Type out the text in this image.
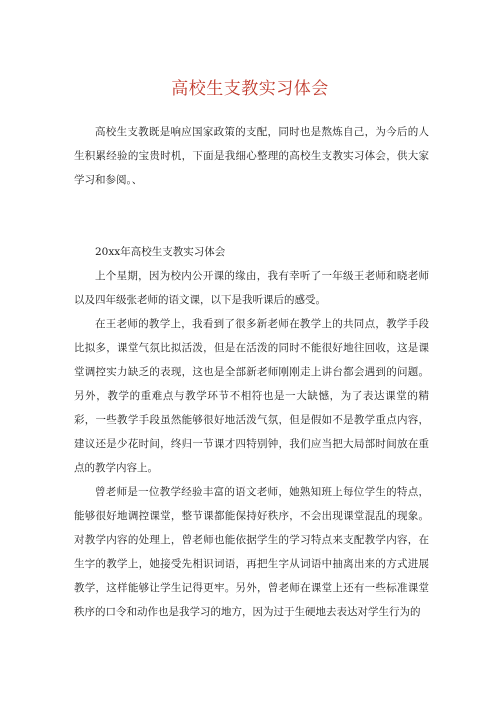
高校生支教实习体会

高校生支教既是响应国家政策的支配，同时也是熬炼自己，为今后的人生积累经验的宝贵时机，下面是我细心整理的高校生支教实习体会，供大家学习和参阅。、

20xx年高校生支教实习体会

上个星期，因为校内公开课的缘由，我有幸听了一年级王老师和晓老师以及四年级张老师的语文课，以下是我听课后的感受。

在王老师的教学上，我看到了很多新老师在教学上的共同点，教学手段比拟多，课堂气氛比拟活泼，但是在活泼的同时不能很好地往回收，这是课堂调控实力缺乏的表现，这也是全部新老师刚刚走上讲台都会遇到的问题。另外，教学的重难点与教学环节不相符也是一大缺憾，为了表达课堂的精彩，一些教学手段虽然能够很好地活泼气氛，但是假如不是教学重点内容，建议还是少花时间，终归一节课才四特别钟，我们应当把大局部时间放在重点的教学内容上。

曾老师是一位教学经验丰富的语文老师，她熟知班上每位学生的特点，能够很好地调控课堂，整节课都能保持好秩序，不会出现课堂混乱的现象。对教学内容的处理上，曾老师也能依据学生的学习特点来支配教学内容，在生字的教学上，她接受先相识词语，再把生字从词语中抽离出来的方式进展教学，这样能够让学生记得更牢。另外，曾老师在课堂上还有一些标准课堂秩序的口令和动作也是我学习的地方，因为过于生硬地去表达对学生行为的
